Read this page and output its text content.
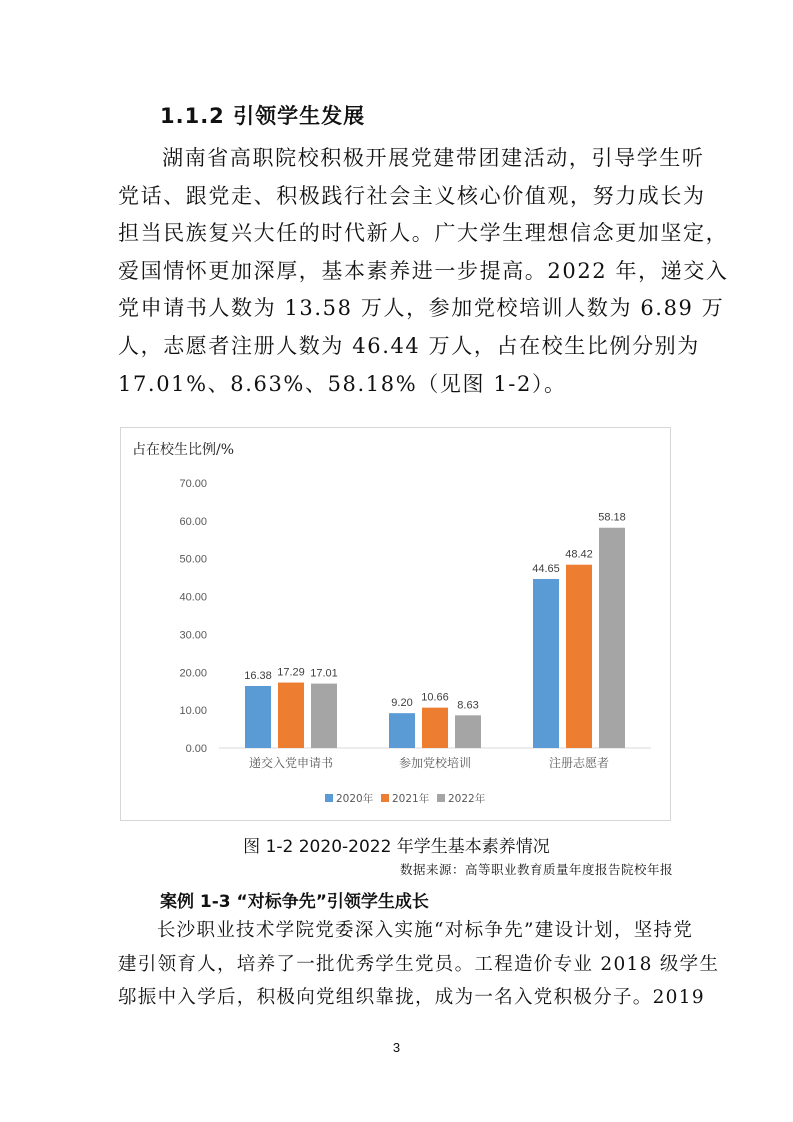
1.1.2 引领学生发展

湖南省高职院校积极开展党建带团建活动，引导学生听

党话、跟党走、积极践行社会主义核心价值观，努力成长为

担当民族复兴大任的时代新人。广大学生理想信念更加坚定，

爱国情怀更加深厚，基本素养进一步提高。2022 年，递交入

党申请书人数为 13.58 万人，参加党校培训人数为 6.89 万

人，志愿者注册人数为 46.44 万人，占在校生比例分别为

17.01%、8.63%、58.18%（见图 1-2）。

占在校生比例/%
0.00
10.00
20.00
30.00
40.00
50.00
60.00
70.00
16.38 17.29 17.01
递交入党申请书
9.20 10.66
8.63
参加党校培训
44.65
48.42
58.18
注册志愿者
2020年 2021年 2022年
图 1-2 2020-2022 年学生基本素养情况
数据来源：高等职业教育质量年度报告院校年报
案例 1-3 “对标争先”引领学生成长

长沙职业技术学院党委深入实施“对标争先”建设计划，坚持党

建引领育人，培养了一批优秀学生党员。工程造价专业 2018 级学生

邬振中入学后，积极向党组织靠拢，成为一名入党积极分子。2019

3
